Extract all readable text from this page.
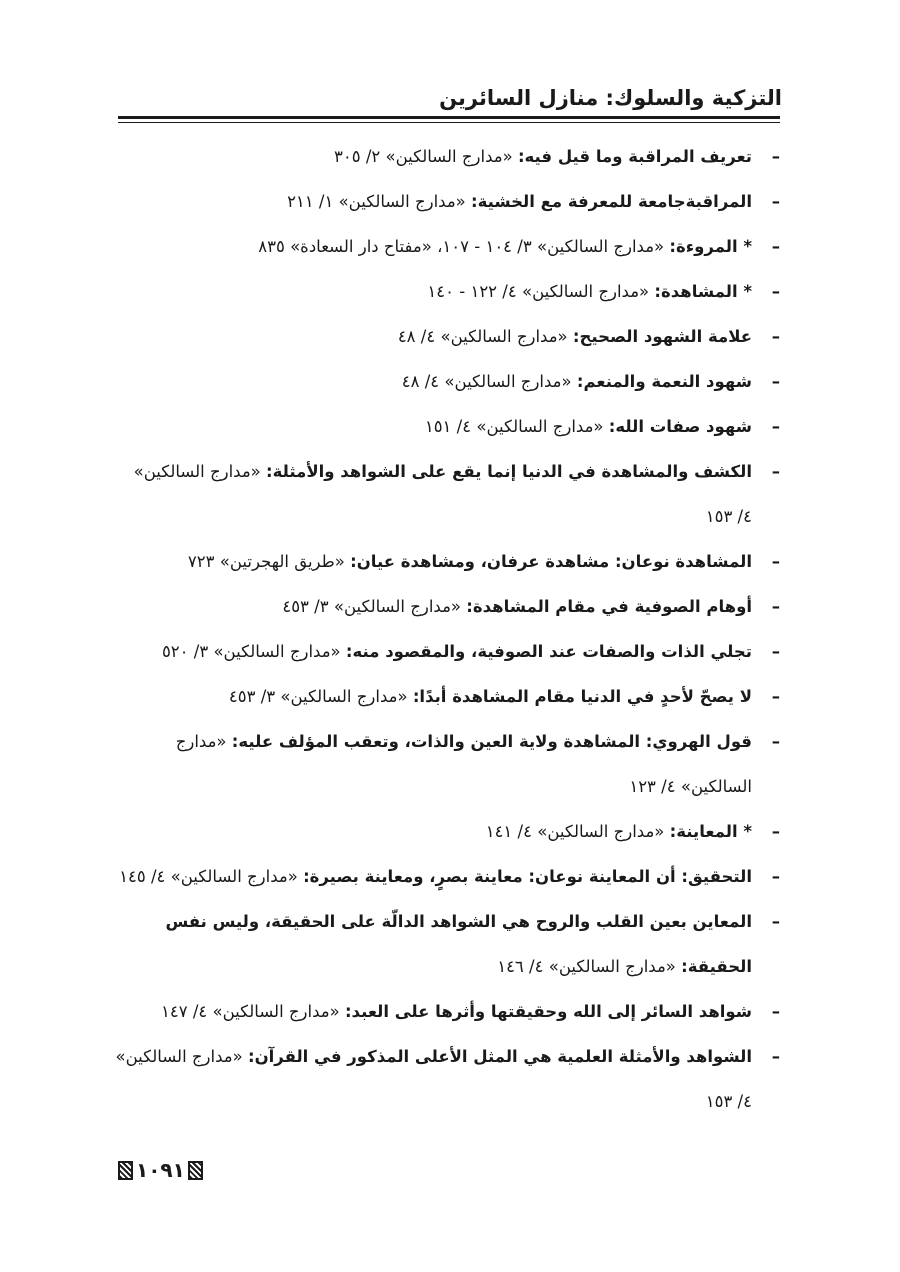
التزكية والسلوك: منازل السائرين

–
تعريف المراقبة وما قيل فيه: «مدارج السالكين» ٢/ ٣٠٥

–
المراقبةجامعة للمعرفة مع الخشية: «مدارج السالكين» ١/ ٢١١

–
* المروءة: «مدارج السالكين» ٣/ ١٠٤ - ١٠٧، «مفتاح دار السعادة» ٨٣٥

–
* المشاهدة: «مدارج السالكين» ٤/ ١٢٢ - ١٤٠

–
علامة الشهود الصحيح: «مدارج السالكين» ٤/ ٤٨

–
شهود النعمة والمنعم: «مدارج السالكين» ٤/ ٤٨

–
شهود صفات الله: «مدارج السالكين» ٤/ ١٥١

–
الكشف والمشاهدة في الدنيا إنما يقع على الشواهد والأمثلة: «مدارج السالكين» ٤/ ١٥٣

–
المشاهدة نوعان: مشاهدة عرفان، ومشاهدة عيان: «طريق الهجرتين» ٧٢٣

–
أوهام الصوفية في مقام المشاهدة: «مدارج السالكين» ٣/ ٤٥٣

–
تجلي الذات والصفات عند الصوفية، والمقصود منه: «مدارج السالكين» ٣/ ٥٢٠

–
لا يصحّ لأحدٍ في الدنيا مقام المشاهدة أبدًا: «مدارج السالكين» ٣/ ٤٥٣

–
قول الهروي: المشاهدة ولاية العين والذات، وتعقب المؤلف عليه: «مدارج السالكين» ٤/ ١٢٣

–
* المعاينة: «مدارج السالكين» ٤/ ١٤١

–
التحقيق: أن المعاينة نوعان: معاينة بصرٍ، ومعاينة بصيرة: «مدارج السالكين» ٤/ ١٤٥

–
المعاين بعين القلب والروح هي الشواهد الدالّة على الحقيقة، وليس نفس الحقيقة: «مدارج السالكين» ٤/ ١٤٦

–
شواهد السائر إلى الله وحقيقتها وأثرها على العبد: «مدارج السالكين» ٤/ ١٤٧

–
الشواهد والأمثلة العلمية هي المثل الأعلى المذكور في القرآن: «مدارج السالكين» ٤/ ١٥٣

١٠٩١
